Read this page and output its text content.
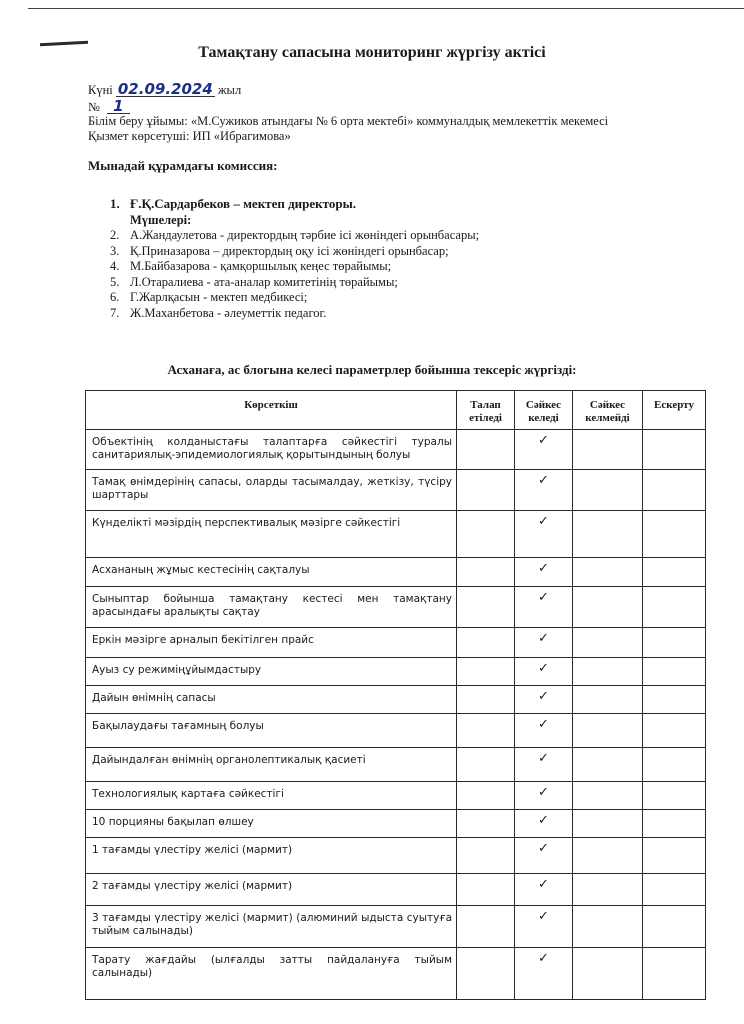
Тамақтану сапасына мониторинг жүргізу актісі
Күні 02.09.2024 жыл
№ 1
Білім беру ұйымы: «М.Сужиков атындағы № 6 орта мектебі» коммуналдық мемлекеттік мекемесі
Қызмет көрсетуші: ИП «Ибрагимова»
Мынадай құрамдағы комиссия:
1. Ғ.Қ.Сардарбеков – мектеп директоры.
Мүшелері:
2. А.Жандаулетова - директордың тәрбие ісі жөніндегі орынбасары;
3. Қ.Приназарова – директордың оқу ісі жөніндегі орынбасар;
4. М.Байбазарова - қамқоршылық кеңес төрайымы;
5. Л.Отаралиева - ата-аналар комитетінің төрайымы;
6. Г.Жарлқасын - мектеп медбикесі;
7. Ж.Маханбетова - әлеуметтік педагог.
Асханаға, ас блогына келесі параметрлер бойынша тексеріс жүргізді:
Көрсеткіш	Талап етіледі	Сәйкес келеді	Сәйкес келмейді	Ескерту
Объектінің колданыстағы талаптарға сәйкестігі туралы санитариялық-эпидемиологиялық қорытындының болуы		✓		
Тамақ өнімдерінің сапасы, оларды тасымалдау, жеткізу, түсіру шарттары		✓		
Күнделікті мәзірдің перспективалық мәзірге сәйкестігі		✓		
Асхананың жұмыс кестесінің сақталуы		✓		
Сыныптар бойынша тамақтану кестесі мен тамақтану арасындағы аралықты сақтау		✓		
Еркін мәзірге арналып бекітілген прайс		✓		
Ауыз су режиміңұйымдастыру		✓		
Дайын өнімнің сапасы		✓		
Бақылаудағы тағамның болуы		✓		
Дайындалған өнімнің органолептикалық қасиеті		✓		
Технологиялық картаға сәйкестігі		✓		
10 порцияны бақылап өлшеу		✓		
1 тағамды үлестіру желісі (мармит)		✓		
2 тағамды үлестіру желісі (мармит)		✓		
3 тағамды үлестіру желісі (мармит) (алюминий ыдыста суытуға тыйым салынады)		✓		
Тарату жағдайы (ылғалды затты пайдалануға тыйым салынады)		✓		
